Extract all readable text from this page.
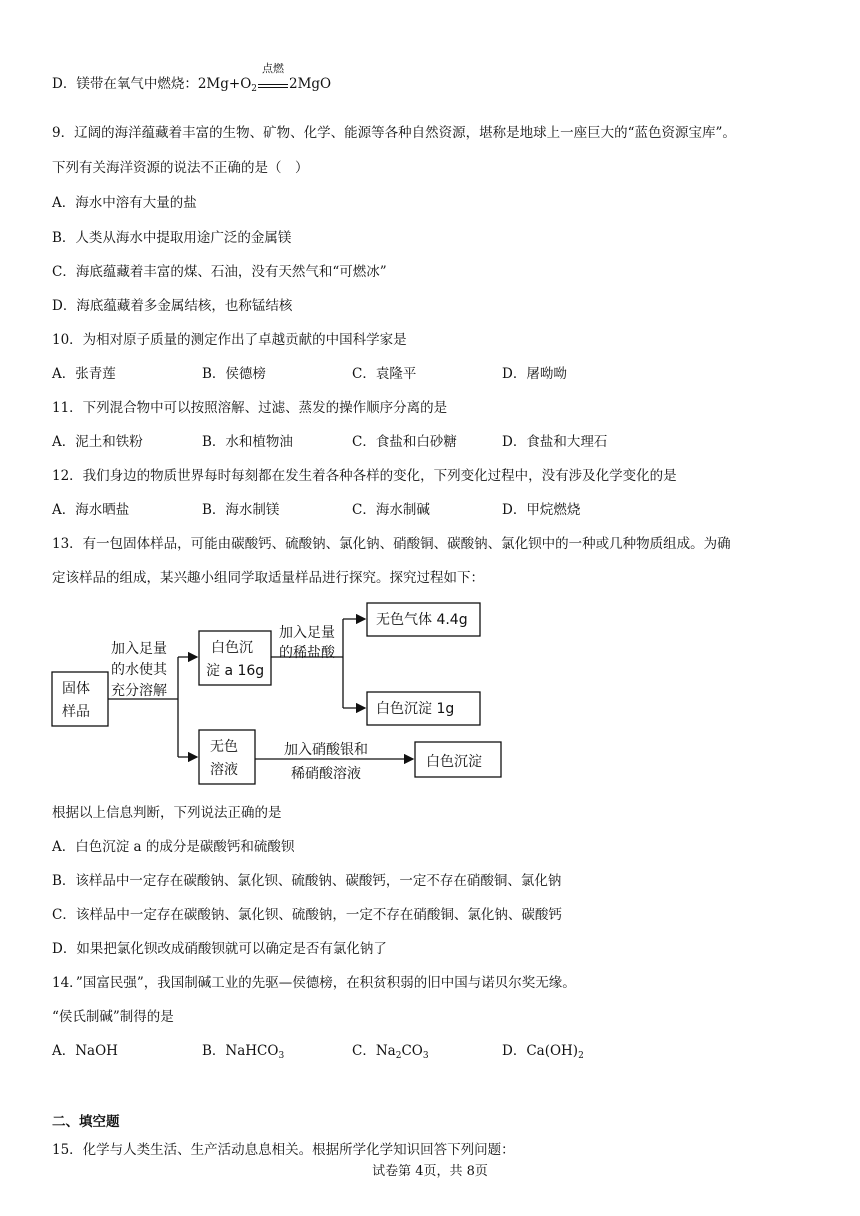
D．镁带在氧气中燃烧：$2Mg+O_2$
点燃
2MgO
9．辽阔的海洋蕴藏着丰富的生物、矿物、化学、能源等各种自然资源，堪称是地球上一座巨大的“蓝色资源宝库”。
下列有关海洋资源的说法不正确的是（　）
A．海水中溶有大量的盐
B．人类从海水中提取用途广泛的金属镁
C．海底蕴藏着丰富的煤、石油，没有天然气和“可燃冰”
D．海底蕴藏着多金属结核，也称锰结核
10．为相对原子质量的测定作出了卓越贡献的中国科学家是
A．张青莲	B．侯德榜	C．袁隆平	D．屠呦呦
11．下列混合物中可以按照溶解、过滤、蒸发的操作顺序分离的是
A．泥土和铁粉	B．水和植物油	C．食盐和白砂糖	D．食盐和大理石
12．我们身边的物质世界每时每刻都在发生着各种各样的变化，下列变化过程中，没有涉及化学变化的是
A．海水晒盐	B．海水制镁	C．海水制碱	D．甲烷燃烧
13．有一包固体样品，可能由碳酸钙、硫酸钠、氯化钠、硝酸铜、碳酸钠、氯化钡中的一种或几种物质组成。为确
定该样品的组成，某兴趣小组同学取适量样品进行探究。探究过程如下：
固体
样品
加入足量
的水使其
充分溶解
白色沉
淀 a 16g
加入足量
的稀盐酸
无色气体 4.4g
白色沉淀 1g
无色
溶液
加入硝酸银和
稀硝酸溶液
白色沉淀
根据以上信息判断，下列说法正确的是
A．白色沉淀 a 的成分是碳酸钙和硫酸钡
B．该样品中一定存在碳酸钠、氯化钡、硫酸钠、碳酸钙，一定不存在硝酸铜、氯化钠
C．该样品中一定存在碳酸钠、氯化钡、硫酸钠，一定不存在硝酸铜、氯化钠、碳酸钙
D．如果把氯化钡改成硝酸钡就可以确定是否有氯化钠了
14．”国富民强”，我国制碱工业的先驱—侯德榜，在积贫积弱的旧中国与诺贝尔奖无缘。
“侯氏制碱”制得的是
A．NaOH	B．NaHCO$_3$	C．$Na_2CO_3$	D．$Ca(OH)_2$
二、填空题
15．化学与人类生活、生产活动息息相关。根据所学化学知识回答下列问题：
试卷第 4页，共 8页
